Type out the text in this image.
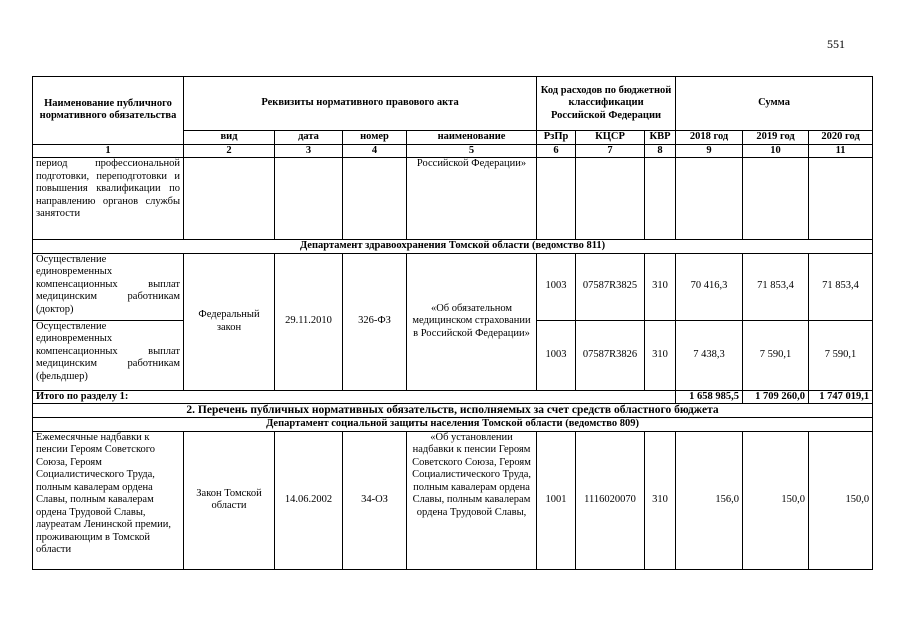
551
Наименование публичного нормативного обязательства	Реквизиты нормативного правового акта				Код расходов по бюджетной классификации Российской Федерации			Сумма		
	вид	дата	номер	наименование	РзПр	КЦСР	КВР	2018 год	2019 год	2020 год
1	2	3	4	5	6	7	8	9	10	11
период профессиональной подготовки, переподготовки и повышения квалификации по направлению органов службы занятости				Российской Федерации»						
Департамент здравоохранения Томской области (ведомство 811)										
Осуществление единовременных компенсационных выплат медицинским работникам (доктор)	Федеральный закон	29.11.2010	326-ФЗ	«Об обязательном медицинском страховании в Российской Федерации»	1003	07587R3825	310	70 416,3	71 853,4	71 853,4
Осуществление единовременных компенсационных выплат медицинским работникам (фельдшер)					1003	07587R3826	310	7 438,3	7 590,1	7 590,1
Итого по разделу 1:								1 658 985,5	1 709 260,0	1 747 019,1
2. Перечень публичных нормативных обязательств, исполняемых за счет средств областного бюджета										
Департамент социальной защиты населения Томской области (ведомство 809)										
Ежемесячные надбавки к пенсии Героям Советского Союза, Героям Социалистического Труда, полным кавалерам ордена Славы, полным кавалерам ордена Трудовой Славы, лауреатам Ленинской премии, проживающим в Томской области	Закон Томской области	14.06.2002	34-ОЗ	«Об установлении надбавки к пенсии Героям Советского Союза, Героям Социалистического Труда, полным кавалерам ордена Славы, полным кавалерам ордена Трудовой Славы,	1001	1116020070	310	156,0	150,0	150,0
